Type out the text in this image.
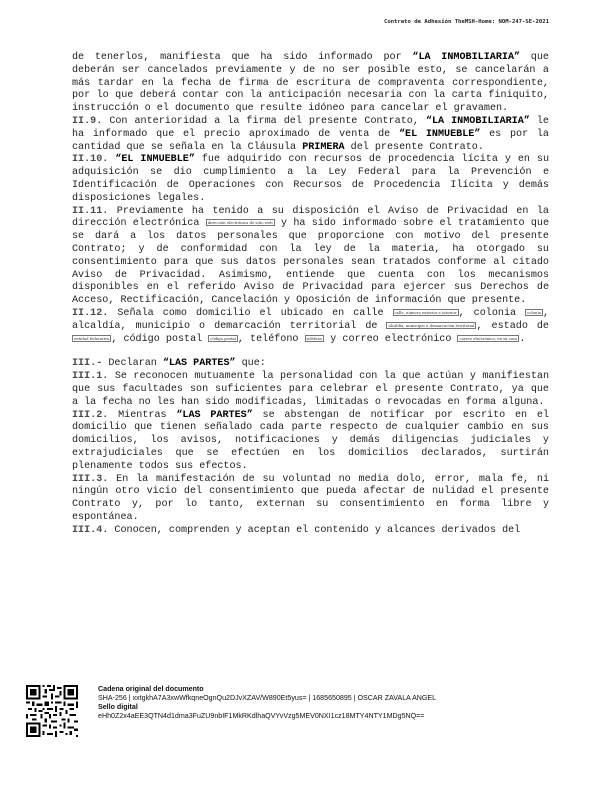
Contrato de Adhesión TheMSH-Home: NOM-247-SE-2021

de tenerlos, manifiesta que ha sido informado por “LA INMOBILIARIA” que deberán ser cancelados previamente y de no ser posible esto, se cancelarán a más tardar en la fecha de firma de escritura de compraventa correspondiente, por lo que deberá contar con la anticipación necesaria con la carta finiquito, instrucción o el documento que resulte idóneo para cancelar el gravamen.

II.9. Con anterioridad a la firma del presente Contrato, “LA INMOBILIARIA” le ha informado que el precio aproximado de venta de “EL INMUEBLE” es por la cantidad que se señala en la Cláusula PRIMERA del presente Contrato.

II.10. “EL INMUEBLE” fue adquirido con recursos de procedencia lícita y en su adquisición se dio cumplimiento a la Ley Federal para la Prevención e Identificación de Operaciones con Recursos de Procedencia Ilícita y demás disposiciones legales.

II.11. Previamente ha tenido a su disposición el Aviso de Privacidad en la dirección electrónica dirección electrónica de sitio web y ha sido informado sobre el tratamiento que se dará a los datos personales que proporcione con motivo del presente Contrato; y de conformidad con la ley de la materia, ha otorgado su consentimiento para que sus datos personales sean tratados conforme al citado Aviso de Privacidad. Asimismo, entiende que cuenta con los mecanismos disponibles en el referido Aviso de Privacidad para ejercer sus Derechos de Acceso, Rectificación, Cancelación y Oposición de información que presente.

II.12. Señala como domicilio el ubicado en calle calle, número exterior e interior , colonia colonia , alcaldía, municipio o demarcación territorial de alcaldía, municipio o demarcación territorial , estado de entidad federativa , código postal código postal , teléfono teléfono y correo electrónico correo electrónico, en su caso .

III.- Declaran “LAS PARTES” que:

III.1. Se reconocen mutuamente la personalidad con la que actúan y manifiestan que sus facultades son suficientes para celebrar el presente Contrato, ya que a la fecha no les han sido modificadas, limitadas o revocadas en forma alguna.

III.2. Mientras “LAS PARTES” se abstengan de notificar por escrito en el domicilio que tienen señalado cada parte respecto de cualquier cambio en sus domicilios, los avisos, notificaciones y demás diligencias judiciales y extrajudiciales que se efectúen en los domicilios declarados, surtirán plenamente todos sus efectos.

III.3. En la manifestación de su voluntad no media dolo, error, mala fe, ni ningún otro vicio del consentimiento que pueda afectar de nulidad el presente Contrato y, por lo tanto, externan su consentimiento en forma libre y espontánea.

III.4. Conocen, comprenden y aceptan el contenido y alcances derivados del

Cadena original del documento
SHA-256 | xxtgkhA7A3xwWfkqneOgnQu2DJvXZAV/W890Et5yus= | 1685650895 | OSCAR ZAVALA ANGEL
Sello digital
eHh0Z2x4aEE3QTN4d1dma3FuZU9nbIF1MkRKdlhaQVYvVzg5MEV0NXI1cz18MTY4NTY1MDg5NQ==
